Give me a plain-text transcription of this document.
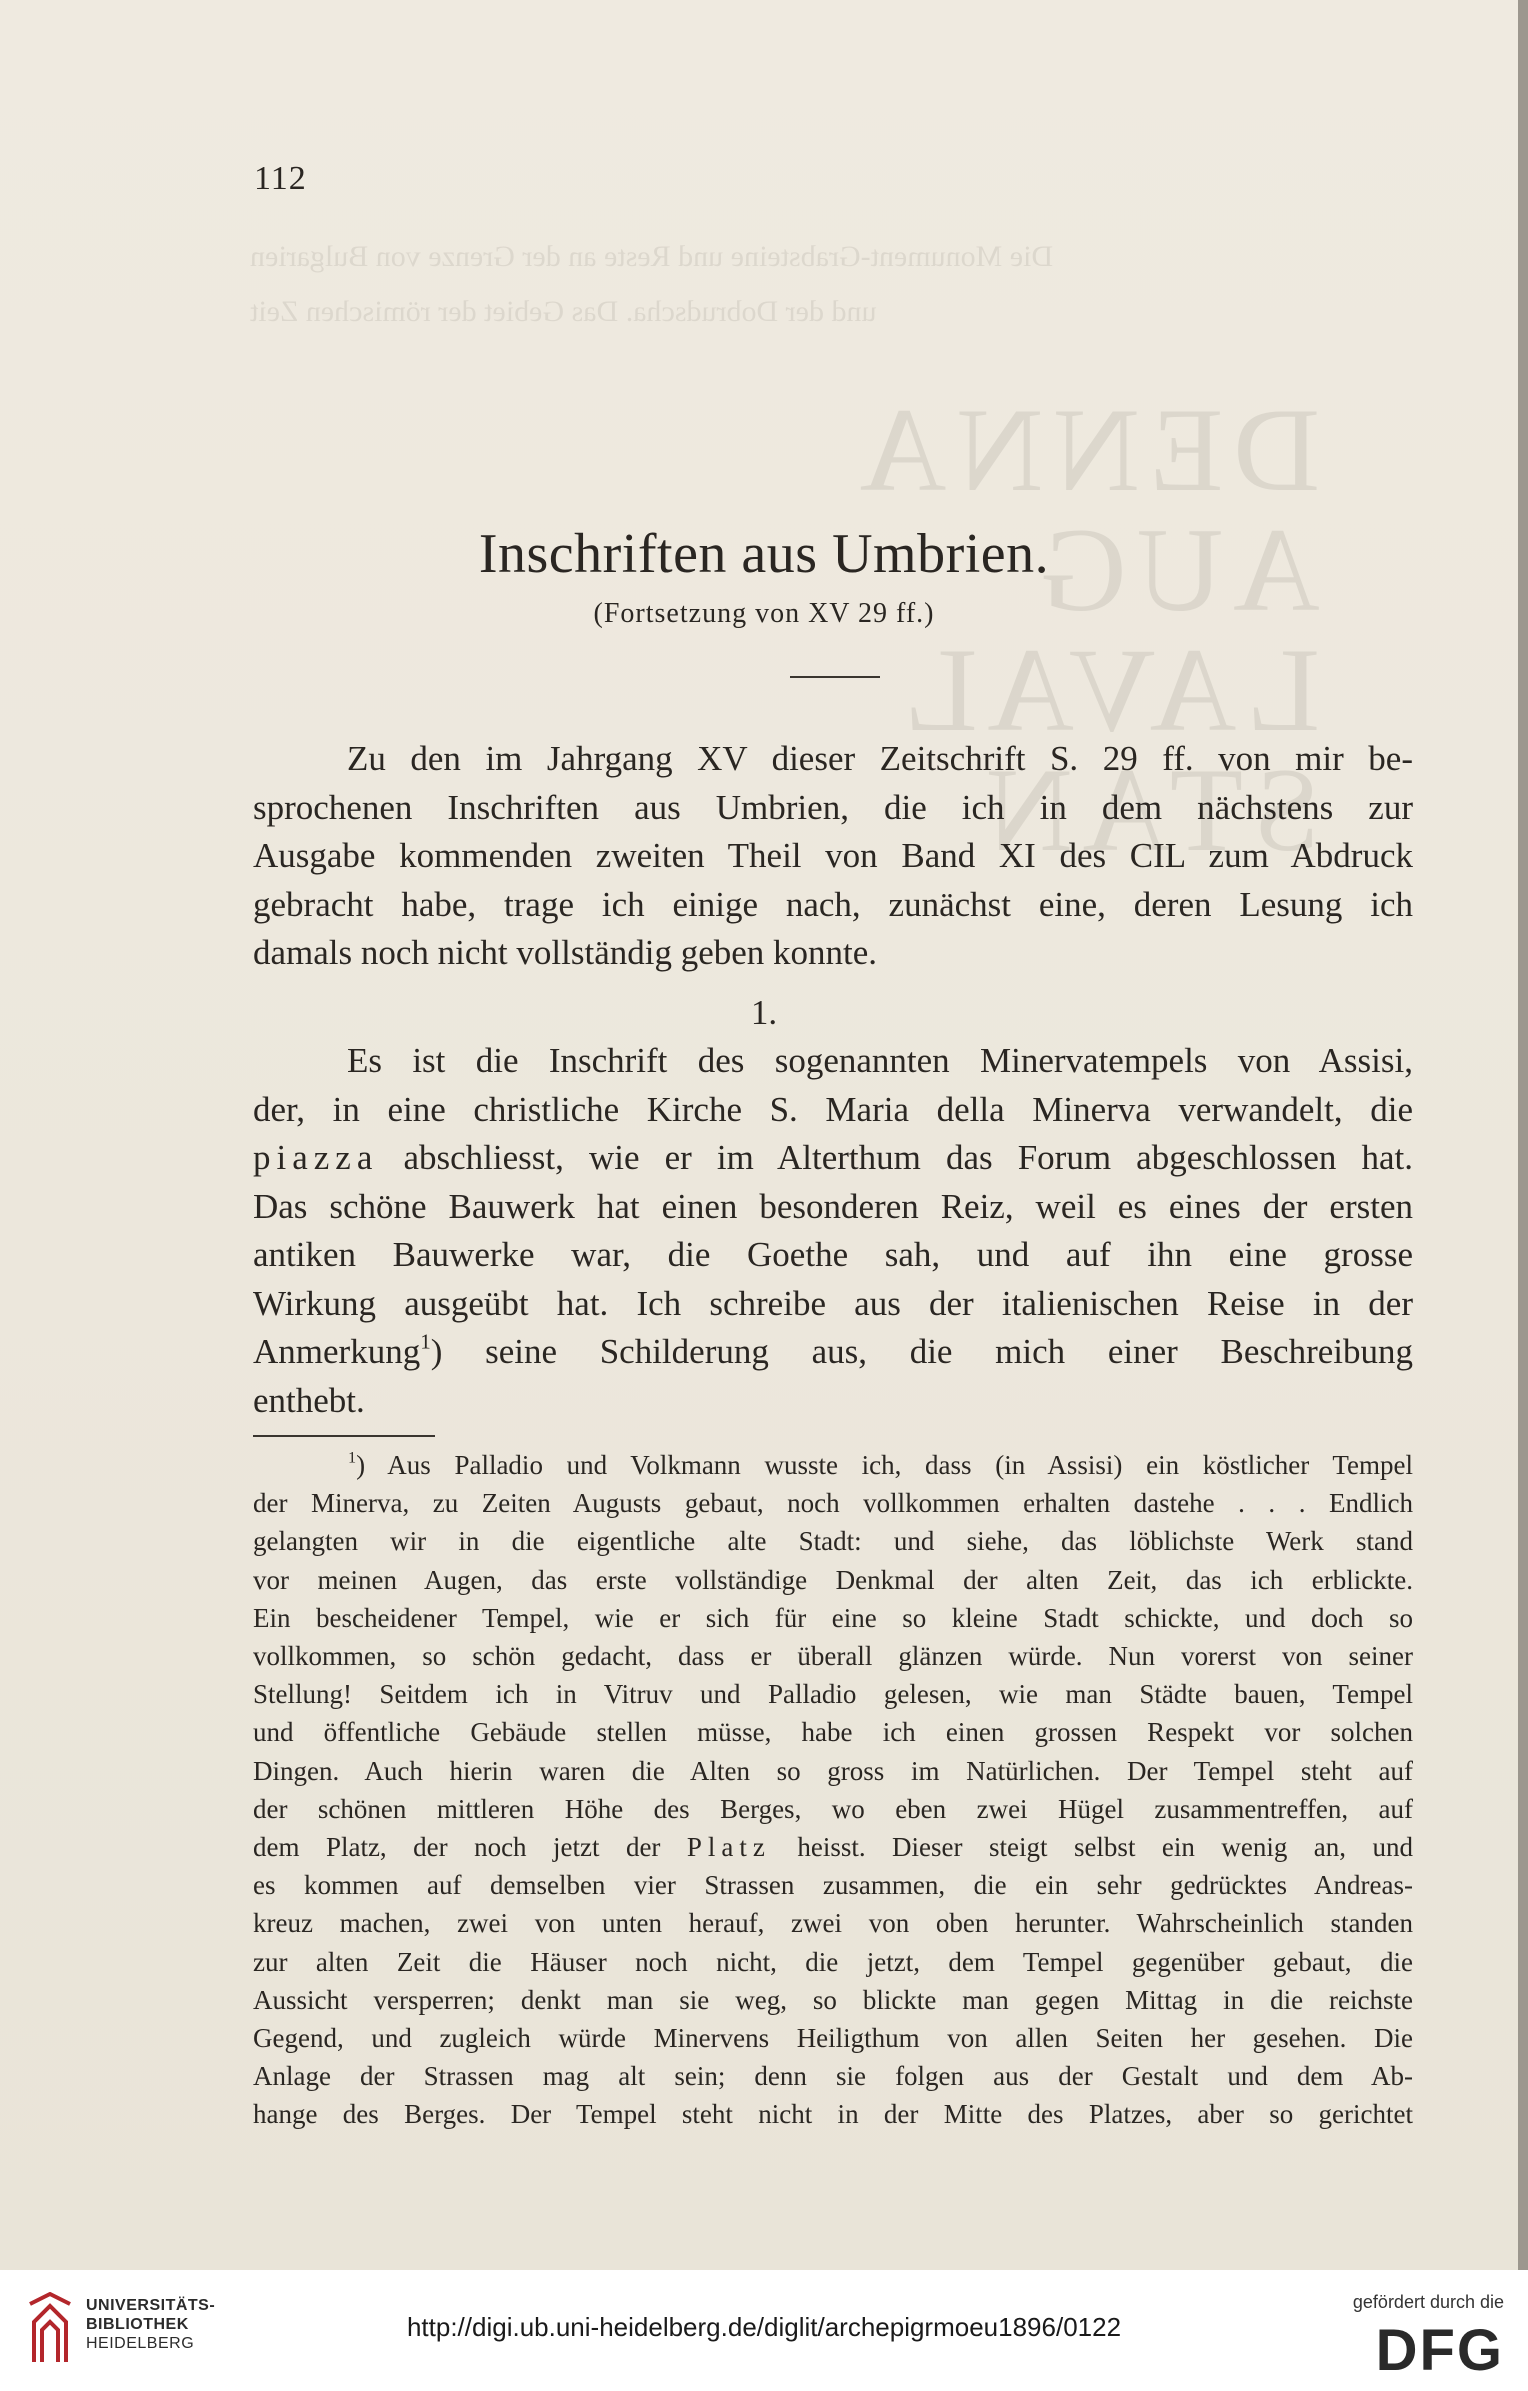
Die Monument-Grabsteine und Reste an der Grenze von Bulgarien
und der Dobrudscha. Das Gebiet der römischen Zeit
DENNA
AUG
LAVAL
STAN
112
Inschriften aus Umbrien.
(Fortsetzung von XV 29 ff.)
Zu den im Jahrgang XV dieser Zeitschrift S. 29 ff. von mir be-
sprochenen Inschriften aus Umbrien, die ich in dem nächstens zur
Ausgabe kommenden zweiten Theil von Band XI des CIL zum Abdruck
gebracht habe, trage ich einige nach, zunächst eine, deren Lesung ich
damals noch nicht vollständig geben konnte.
1.
Es ist die Inschrift des sogenannten Minervatempels von Assisi,
der, in eine christliche Kirche S. Maria della Minerva verwandelt, die
piazza abschliesst, wie er im Alterthum das Forum abgeschlossen hat.
Das schöne Bauwerk hat einen besonderen Reiz, weil es eines der ersten
antiken Bauwerke war, die Goethe sah, und auf ihn eine grosse
Wirkung ausgeübt hat. Ich schreibe aus der italienischen Reise in der
Anmerkung$^1$) seine Schilderung aus, die mich einer Beschreibung
enthebt.
$^1$) Aus Palladio und Volkmann wusste ich, dass (in Assisi) ein köstlicher Tempel
der Minerva, zu Zeiten Augusts gebaut, noch vollkommen erhalten dastehe . . . Endlich
gelangten wir in die eigentliche alte Stadt: und siehe, das löblichste Werk stand
vor meinen Augen, das erste vollständige Denkmal der alten Zeit, das ich erblickte.
Ein bescheidener Tempel, wie er sich für eine so kleine Stadt schickte, und doch so
vollkommen, so schön gedacht, dass er überall glänzen würde. Nun vorerst von seiner
Stellung! Seitdem ich in Vitruv und Palladio gelesen, wie man Städte bauen, Tempel
und öffentliche Gebäude stellen müsse, habe ich einen grossen Respekt vor solchen
Dingen. Auch hierin waren die Alten so gross im Natürlichen. Der Tempel steht auf
der schönen mittleren Höhe des Berges, wo eben zwei Hügel zusammentreffen, auf
dem Platz, der noch jetzt der Platz heisst. Dieser steigt selbst ein wenig an, und
es kommen auf demselben vier Strassen zusammen, die ein sehr gedrücktes Andreas-
kreuz machen, zwei von unten herauf, zwei von oben herunter. Wahrscheinlich standen
zur alten Zeit die Häuser noch nicht, die jetzt, dem Tempel gegenüber gebaut, die
Aussicht versperren; denkt man sie weg, so blickte man gegen Mittag in die reichste
Gegend, und zugleich würde Minervens Heiligthum von allen Seiten her gesehen. Die
Anlage der Strassen mag alt sein; denn sie folgen aus der Gestalt und dem Ab-
hange des Berges. Der Tempel steht nicht in der Mitte des Platzes, aber so gerichtet
UNIVERSITÄTS-
BIBLIOTHEK
HEIDELBERG
http://digi.ub.uni-heidelberg.de/diglit/archepigrmoeu1896/0122
gefördert durch die
DFG
